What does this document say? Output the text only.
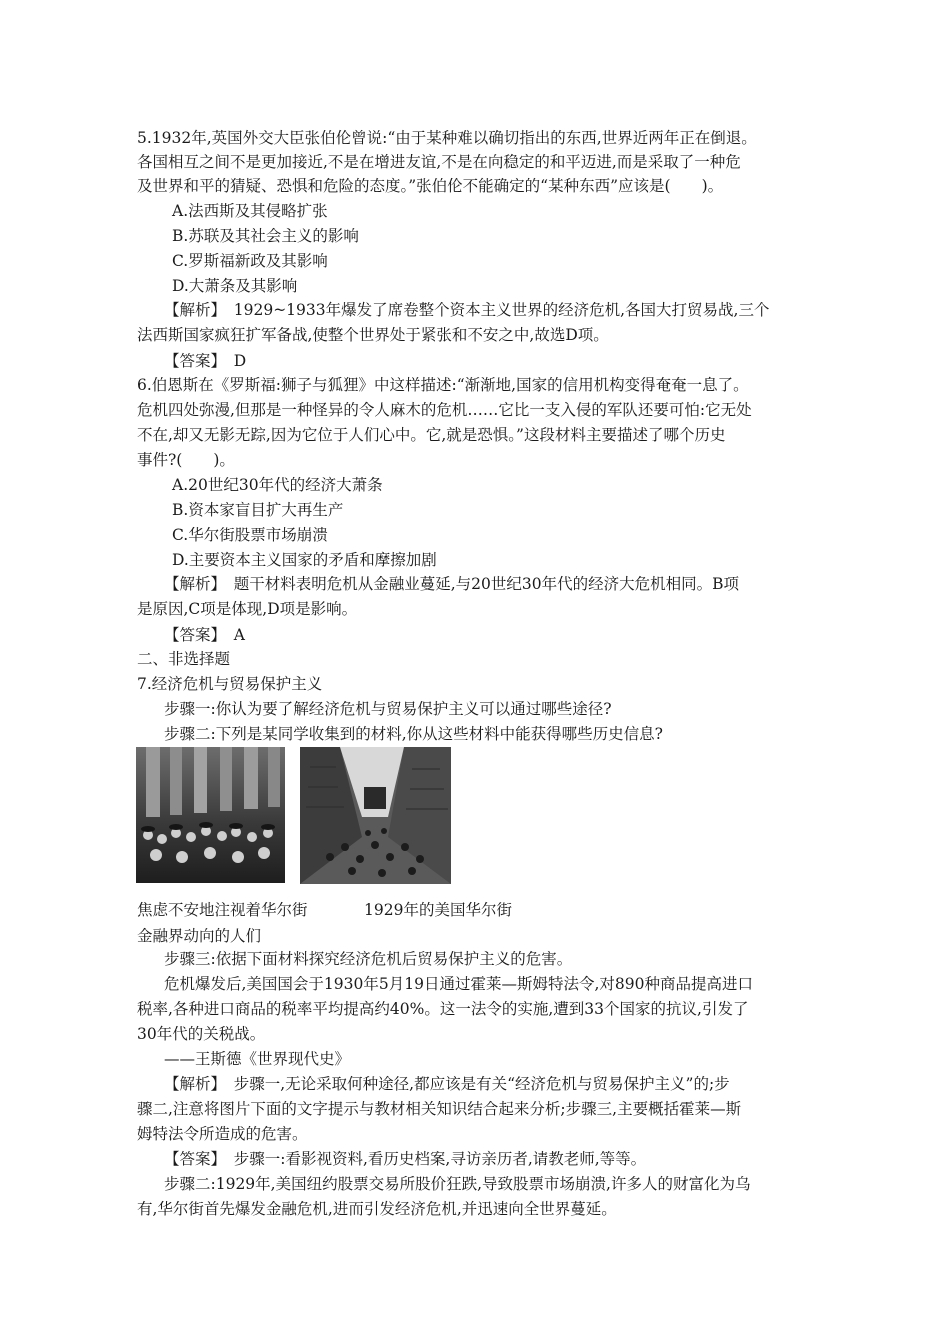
5.1932年,英国外交大臣张伯伦曾说:“由于某种难以确切指出的东西,世界近两年正在倒退。
各国相互之间不是更加接近,不是在增进友谊,不是在向稳定的和平迈进,而是采取了一种危
及世界和平的猜疑、恐惧和危险的态度。”张伯伦不能确定的“某种东西”应该是(　　)。
A.法西斯及其侵略扩张
B.苏联及其社会主义的影响
C.罗斯福新政及其影响
D.大萧条及其影响
【解析】　1929~1933年爆发了席卷整个资本主义世界的经济危机,各国大打贸易战,三个
法西斯国家疯狂扩军备战,使整个世界处于紧张和不安之中,故选D项。
【答案】　D
6.伯恩斯在《罗斯福:狮子与狐狸》中这样描述:“渐渐地,国家的信用机构变得奄奄一息了。
危机四处弥漫,但那是一种怪异的令人麻木的危机……它比一支入侵的军队还要可怕:它无处
不在,却又无影无踪,因为它位于人们心中。它,就是恐惧。”这段材料主要描述了哪个历史
事件?(　　)。
A.20世纪30年代的经济大萧条
B.资本家盲目扩大再生产
C.华尔街股票市场崩溃
D.主要资本主义国家的矛盾和摩擦加剧
【解析】　题干材料表明危机从金融业蔓延,与20世纪30年代的经济大危机相同。B项
是原因,C项是体现,D项是影响。
【答案】　A
二、非选择题
7.经济危机与贸易保护主义
步骤一:你认为要了解经济危机与贸易保护主义可以通过哪些途径?
步骤二:下列是某同学收集到的材料,你从这些材料中能获得哪些历史信息?
焦虑不安地注视着华尔街	1929年的美国华尔街
金融界动向的人们
步骤三:依据下面材料探究经济危机后贸易保护主义的危害。
危机爆发后,美国国会于1930年5月19日通过霍莱—斯姆特法令,对890种商品提高进口
税率,各种进口商品的税率平均提高约40%。这一法令的实施,遭到33个国家的抗议,引发了
30年代的关税战。
——王斯德《世界现代史》
【解析】　步骤一,无论采取何种途径,都应该是有关“经济危机与贸易保护主义”的;步
骤二,注意将图片下面的文字提示与教材相关知识结合起来分析;步骤三,主要概括霍莱—斯
姆特法令所造成的危害。
【答案】　步骤一:看影视资料,看历史档案,寻访亲历者,请教老师,等等。
步骤二:1929年,美国纽约股票交易所股价狂跌,导致股票市场崩溃,许多人的财富化为乌
有,华尔街首先爆发金融危机,进而引发经济危机,并迅速向全世界蔓延。
